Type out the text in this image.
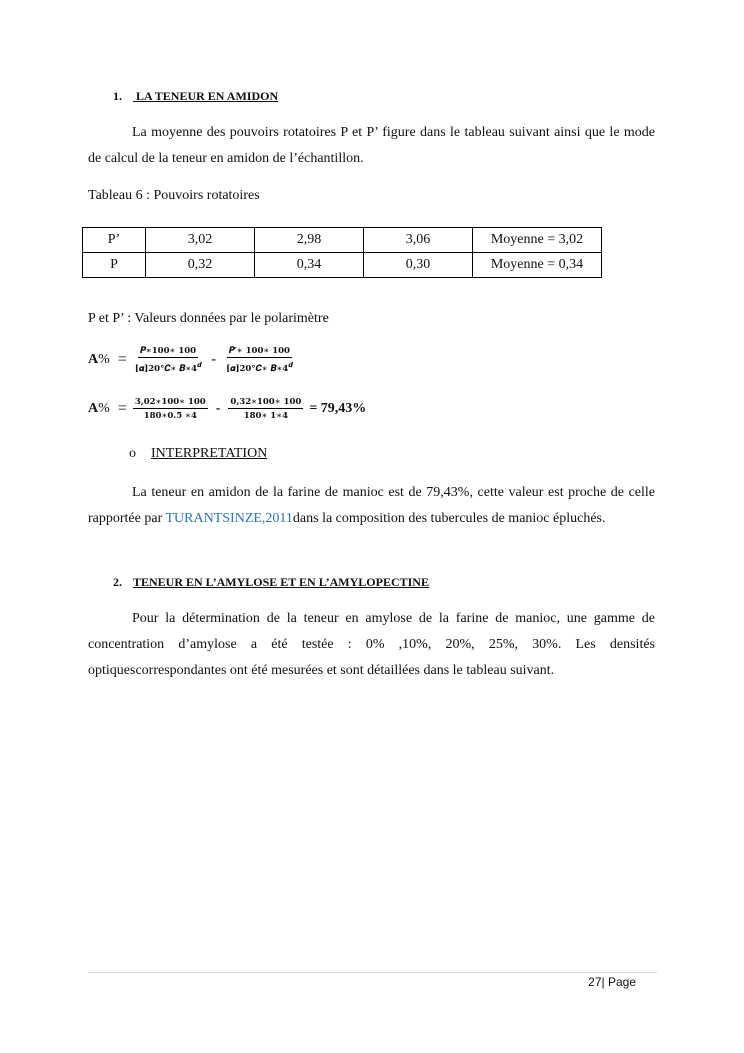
1. LA TENEUR EN AMIDON
La moyenne des pouvoirs rotatoires P et P’ figure dans le tableau suivant ainsi que le mode de calcul de la teneur en amidon de l’échantillon.
Tableau 6 : Pouvoirs rotatoires
P’	3,02	2,98	3,06	Moyenne = 3,02
P	0,32	0,34	0,30	Moyenne = 0,34
P et P’ : Valeurs données par le polarimètre
$A\% = \frac{\text{𝑷∗𝟏𝟎𝟎∗ 𝟏𝟎𝟎}}{[𝜶]𝟐𝟎^\circ 𝑪∗ 𝑩∗𝟒^𝒅} - \frac{\text{𝑷′∗ 𝟏𝟎𝟎∗ 𝟏𝟎𝟎}}{[𝜶]𝟐𝟎^\circ 𝑪∗ 𝑩∗𝟒^𝒅}$
$A\% = \frac{𝟑,𝟎𝟐∗𝟏𝟎𝟎∗ 𝟏𝟎𝟎}{𝟏𝟖𝟎∗𝟎.𝟓 ∗𝟒} - \frac{𝟎,𝟑𝟐∗𝟏𝟎𝟎∗ 𝟏𝟎𝟎}{𝟏𝟖𝟎∗ 𝟏∗𝟒} = 79,43\%$
o INTERPRETATION
La teneur en amidon de la farine de manioc est de 79,43%, cette valeur est proche de celle rapportée par TURANTSINZE,2011dans la composition des tubercules de manioc épluchés.
2. TENEUR EN L’AMYLOSE ET EN L’AMYLOPECTINE
Pour la détermination de la teneur en amylose de la farine de manioc, une gamme de concentration d’amylose a été testée : 0% ,10%, 20%, 25%, 30%. Les densités optiquescorrespondantes ont été mesurées et sont détaillées dans le tableau suivant.
27| Page
